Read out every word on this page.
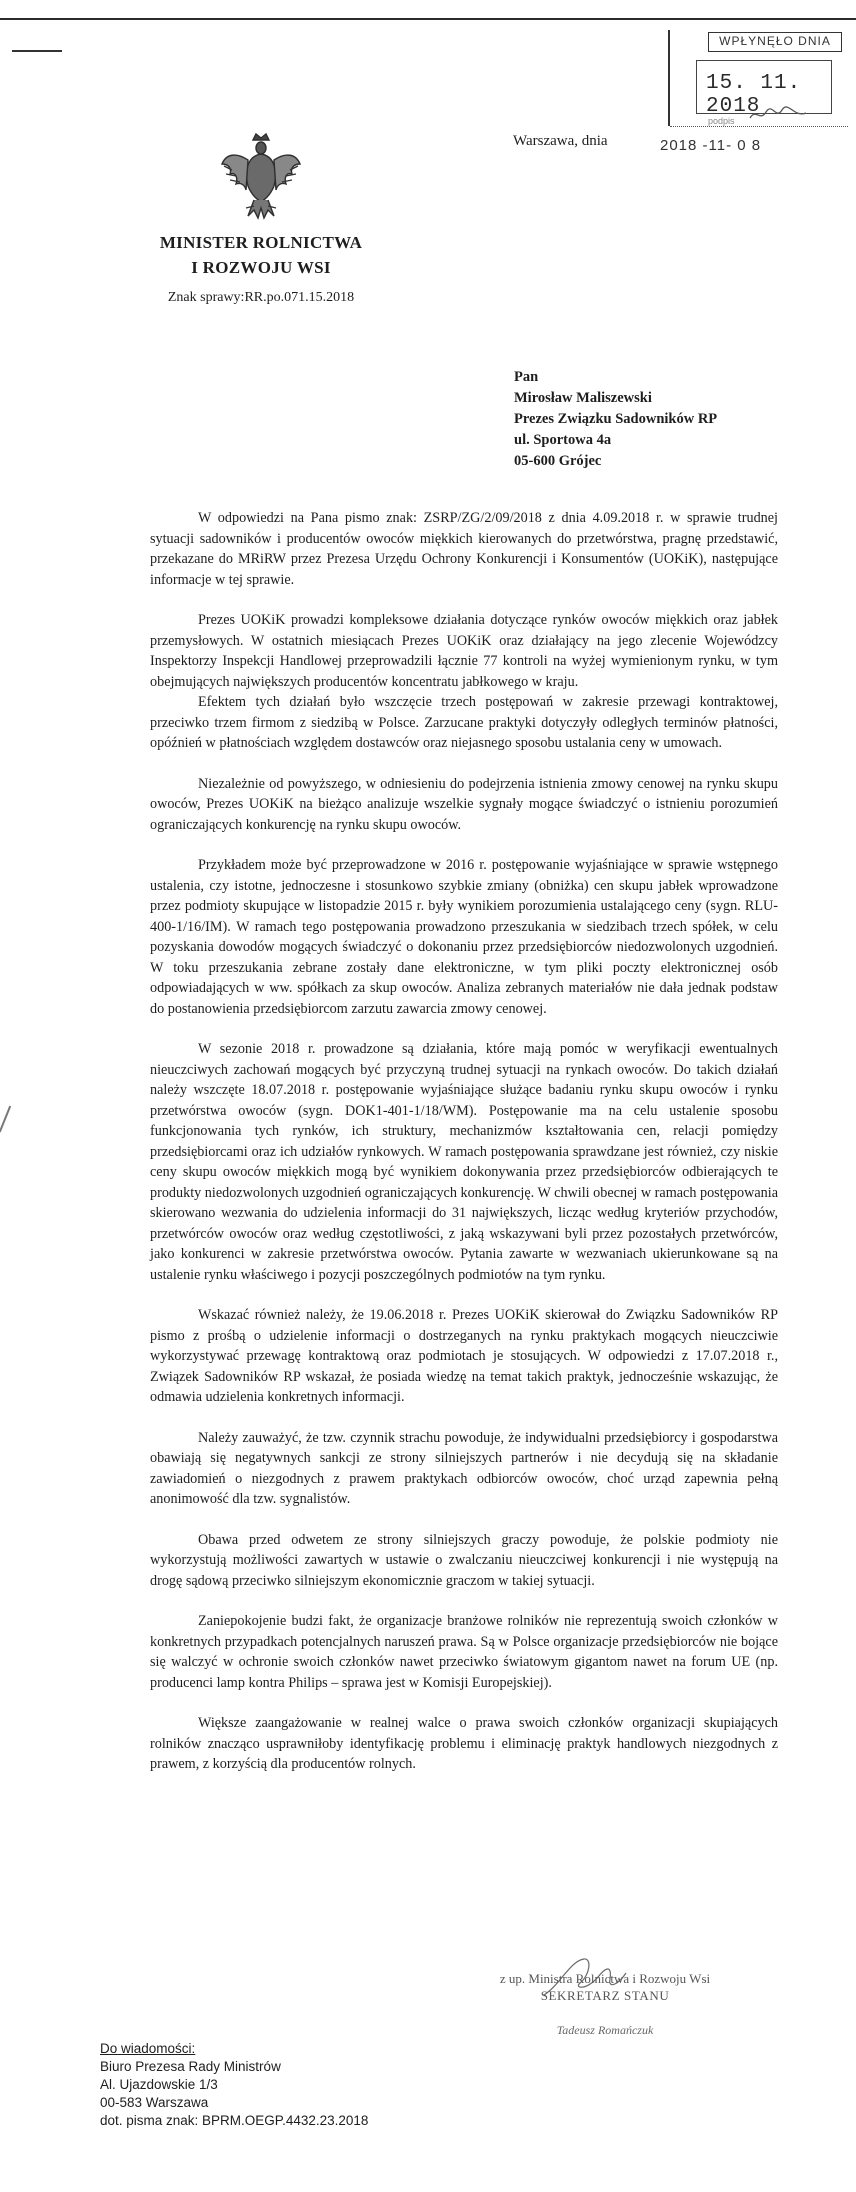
WPŁYNĘŁO DNIA
15. 11. 2018
podpis
MINISTER ROLNICTWA
I ROZWOJU WSI
Znak sprawy:RR.po.071.15.2018
Warszawa, dnia	2018 -11- 0 8
Pan
Mirosław Maliszewski
Prezes Związku Sadowników RP
ul. Sportowa 4a
05-600 Grójec

W odpowiedzi na Pana pismo znak: ZSRP/ZG/2/09/2018 z dnia 4.09.2018 r. w sprawie trudnej sytuacji sadowników i producentów owoców miękkich kierowanych do przetwórstwa, pragnę przedstawić, przekazane do MRiRW przez Prezesa Urzędu Ochrony Konkurencji i Konsumentów (UOKiK), następujące informacje w tej sprawie.

Prezes UOKiK prowadzi kompleksowe działania dotyczące rynków owoców miękkich oraz jabłek przemysłowych. W ostatnich miesiącach Prezes UOKiK oraz działający na jego zlecenie Wojewódzcy Inspektorzy Inspekcji Handlowej przeprowadzili łącznie 77 kontroli na wyżej wymienionym rynku, w tym obejmujących największych producentów koncentratu jabłkowego w kraju.

Efektem tych działań było wszczęcie trzech postępowań w zakresie przewagi kontraktowej, przeciwko trzem firmom z siedzibą w Polsce. Zarzucane praktyki dotyczyły odległych terminów płatności, opóźnień w płatnościach względem dostawców oraz niejasnego sposobu ustalania ceny w umowach.

Niezależnie od powyższego, w odniesieniu do podejrzenia istnienia zmowy cenowej na rynku skupu owoców, Prezes UOKiK na bieżąco analizuje wszelkie sygnały mogące świadczyć o istnieniu porozumień ograniczających konkurencję na rynku skupu owoców.

Przykładem może być przeprowadzone w 2016 r. postępowanie wyjaśniające w sprawie wstępnego ustalenia, czy istotne, jednoczesne i stosunkowo szybkie zmiany (obniżka) cen skupu jabłek wprowadzone przez podmioty skupujące w listopadzie 2015 r. były wynikiem porozumienia ustalającego ceny (sygn. RLU-400-1/16/IM). W ramach tego postępowania prowadzono przeszukania w siedzibach trzech spółek, w celu pozyskania dowodów mogących świadczyć o dokonaniu przez przedsiębiorców niedozwolonych uzgodnień. W toku przeszukania zebrane zostały dane elektroniczne, w tym pliki poczty elektronicznej osób odpowiadających w ww. spółkach za skup owoców. Analiza zebranych materiałów nie dała jednak podstaw do postanowienia przedsiębiorcom zarzutu zawarcia zmowy cenowej.

W sezonie 2018 r. prowadzone są działania, które mają pomóc w weryfikacji ewentualnych nieuczciwych zachowań mogących być przyczyną trudnej sytuacji na rynkach owoców. Do takich działań należy wszczęte 18.07.2018 r. postępowanie wyjaśniające służące badaniu rynku skupu owoców i rynku przetwórstwa owoców (sygn. DOK1-401-1/18/WM). Postępowanie ma na celu ustalenie sposobu funkcjonowania tych rynków, ich struktury, mechanizmów kształtowania cen, relacji pomiędzy przedsiębiorcami oraz ich udziałów rynkowych. W ramach postępowania sprawdzane jest również, czy niskie ceny skupu owoców miękkich mogą być wynikiem dokonywania przez przedsiębiorców odbierających te produkty niedozwolonych uzgodnień ograniczających konkurencję. W chwili obecnej w ramach postępowania skierowano wezwania do udzielenia informacji do 31 największych, licząc według kryteriów przychodów, przetwórców owoców oraz według częstotliwości, z jaką wskazywani byli przez pozostałych przetwórców, jako konkurenci w zakresie przetwórstwa owoców. Pytania zawarte w wezwaniach ukierunkowane są na ustalenie rynku właściwego i pozycji poszczególnych podmiotów na tym rynku.

Wskazać również należy, że 19.06.2018 r. Prezes UOKiK skierował do Związku Sadowników RP pismo z prośbą o udzielenie informacji o dostrzeganych na rynku praktykach mogących nieuczciwie wykorzystywać przewagę kontraktową oraz podmiotach je stosujących. W odpowiedzi z 17.07.2018 r., Związek Sadowników RP wskazał, że posiada wiedzę na temat takich praktyk, jednocześnie wskazując, że odmawia udzielenia konkretnych informacji.

Należy zauważyć, że tzw. czynnik strachu powoduje, że indywidualni przedsiębiorcy i gospodarstwa obawiają się negatywnych sankcji ze strony silniejszych partnerów i nie decydują się na składanie zawiadomień o niezgodnych z prawem praktykach odbiorców owoców, choć urząd zapewnia pełną anonimowość dla tzw. sygnalistów.

Obawa przed odwetem ze strony silniejszych graczy powoduje, że polskie podmioty nie wykorzystują możliwości zawartych w ustawie o zwalczaniu nieuczciwej konkurencji i nie występują na drogę sądową przeciwko silniejszym ekonomicznie graczom w takiej sytuacji.

Zaniepokojenie budzi fakt, że organizacje branżowe rolników nie reprezentują swoich członków w konkretnych przypadkach potencjalnych naruszeń prawa. Są w Polsce organizacje przedsiębiorców nie bojące się walczyć w ochronie swoich członków nawet przeciwko światowym gigantom nawet na forum UE (np. producenci lamp kontra Philips – sprawa jest w Komisji Europejskiej).

Większe zaangażowanie w realnej walce o prawa swoich członków organizacji skupiających rolników znacząco usprawniłoby identyfikację problemu i eliminację praktyk handlowych niezgodnych z prawem, z korzyścią dla producentów rolnych.

z up. Ministra Rolnictwa i Rozwoju Wsi
SEKRETARZ STANU
Tadeusz Romańczuk
Do wiadomości:
Biuro Prezesa Rady Ministrów
Al. Ujazdowskie 1/3
00-583 Warszawa
dot. pisma znak: BPRM.OEGP.4432.23.2018
